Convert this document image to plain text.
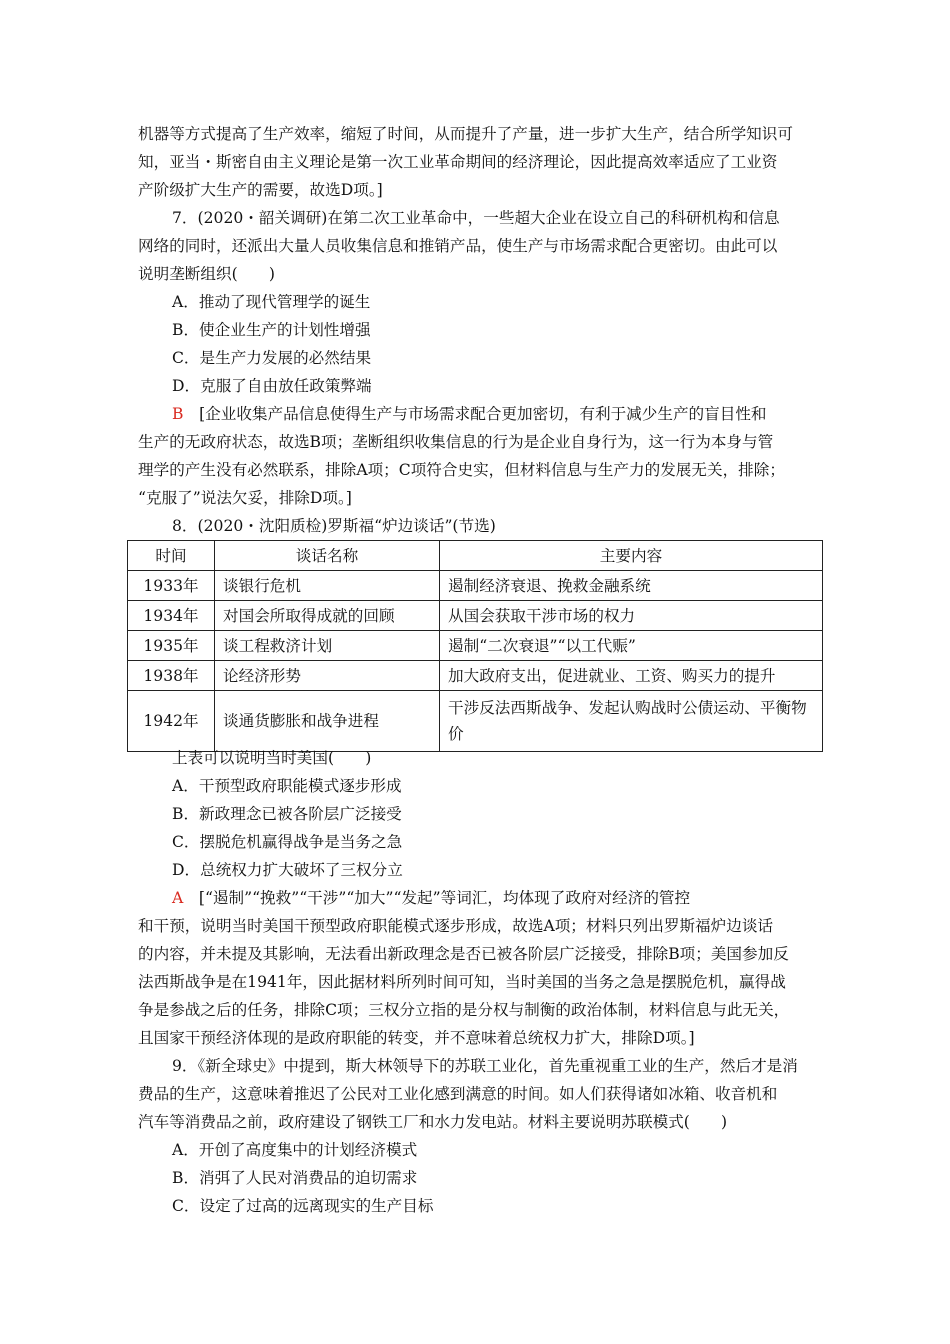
机器等方式提高了生产效率，缩短了时间，从而提升了产量，进一步扩大生产，结合所学知识可
知，亚当・斯密自由主义理论是第一次工业革命期间的经济理论，因此提高效率适应了工业资
产阶级扩大生产的需要，故选D项。]
7．(2020・韶关调研)在第二次工业革命中，一些超大企业在设立自己的科研机构和信息
网络的同时，还派出大量人员收集信息和推销产品，使生产与市场需求配合更密切。由此可以
说明垄断组织(　　)
A．推动了现代管理学的诞生
B．使企业生产的计划性增强
C．是生产力发展的必然结果
D．克服了自由放任政策弊端
B　[企业收集产品信息使得生产与市场需求配合更加密切，有利于减少生产的盲目性和
生产的无政府状态，故选B项；垄断组织收集信息的行为是企业自身行为，这一行为本身与管
理学的产生没有必然联系，排除A项；C项符合史实，但材料信息与生产力的发展无关，排除；
“克服了”说法欠妥，排除D项。]
8．(2020・沈阳质检)罗斯福“炉边谈话”(节选)
时间	谈话名称	主要内容
1933年	谈银行危机	遏制经济衰退、挽救金融系统
1934年	对国会所取得成就的回顾	从国会获取干涉市场的权力
1935年	谈工程救济计划	遏制“二次衰退”“以工代赈”
1938年	论经济形势	加大政府支出，促进就业、工资、购买力的提升
1942年	谈通货膨胀和战争进程	干涉反法西斯战争、发起认购战时公债运动、平衡物价
上表可以说明当时美国(　　)
A．干预型政府职能模式逐步形成
B．新政理念已被各阶层广泛接受
C．摆脱危机赢得战争是当务之急
D．总统权力扩大破坏了三权分立
A　[“遏制”“挽救”“干涉”“加大”“发起”等词汇，均体现了政府对经济的管控
和干预，说明当时美国干预型政府职能模式逐步形成，故选A项；材料只列出罗斯福炉边谈话
的内容，并未提及其影响，无法看出新政理念是否已被各阶层广泛接受，排除B项；美国参加反
法西斯战争是在1941年，因此据材料所列时间可知，当时美国的当务之急是摆脱危机，赢得战
争是参战之后的任务，排除C项；三权分立指的是分权与制衡的政治体制，材料信息与此无关，
且国家干预经济体现的是政府职能的转变，并不意味着总统权力扩大，排除D项。]
9．《新全球史》中提到，斯大林领导下的苏联工业化，首先重视重工业的生产，然后才是消
费品的生产，这意味着推迟了公民对工业化感到满意的时间。如人们获得诸如冰箱、收音机和
汽车等消费品之前，政府建设了钢铁工厂和水力发电站。材料主要说明苏联模式(　　)
A．开创了高度集中的计划经济模式
B．消弭了人民对消费品的迫切需求
C．设定了过高的远离现实的生产目标
